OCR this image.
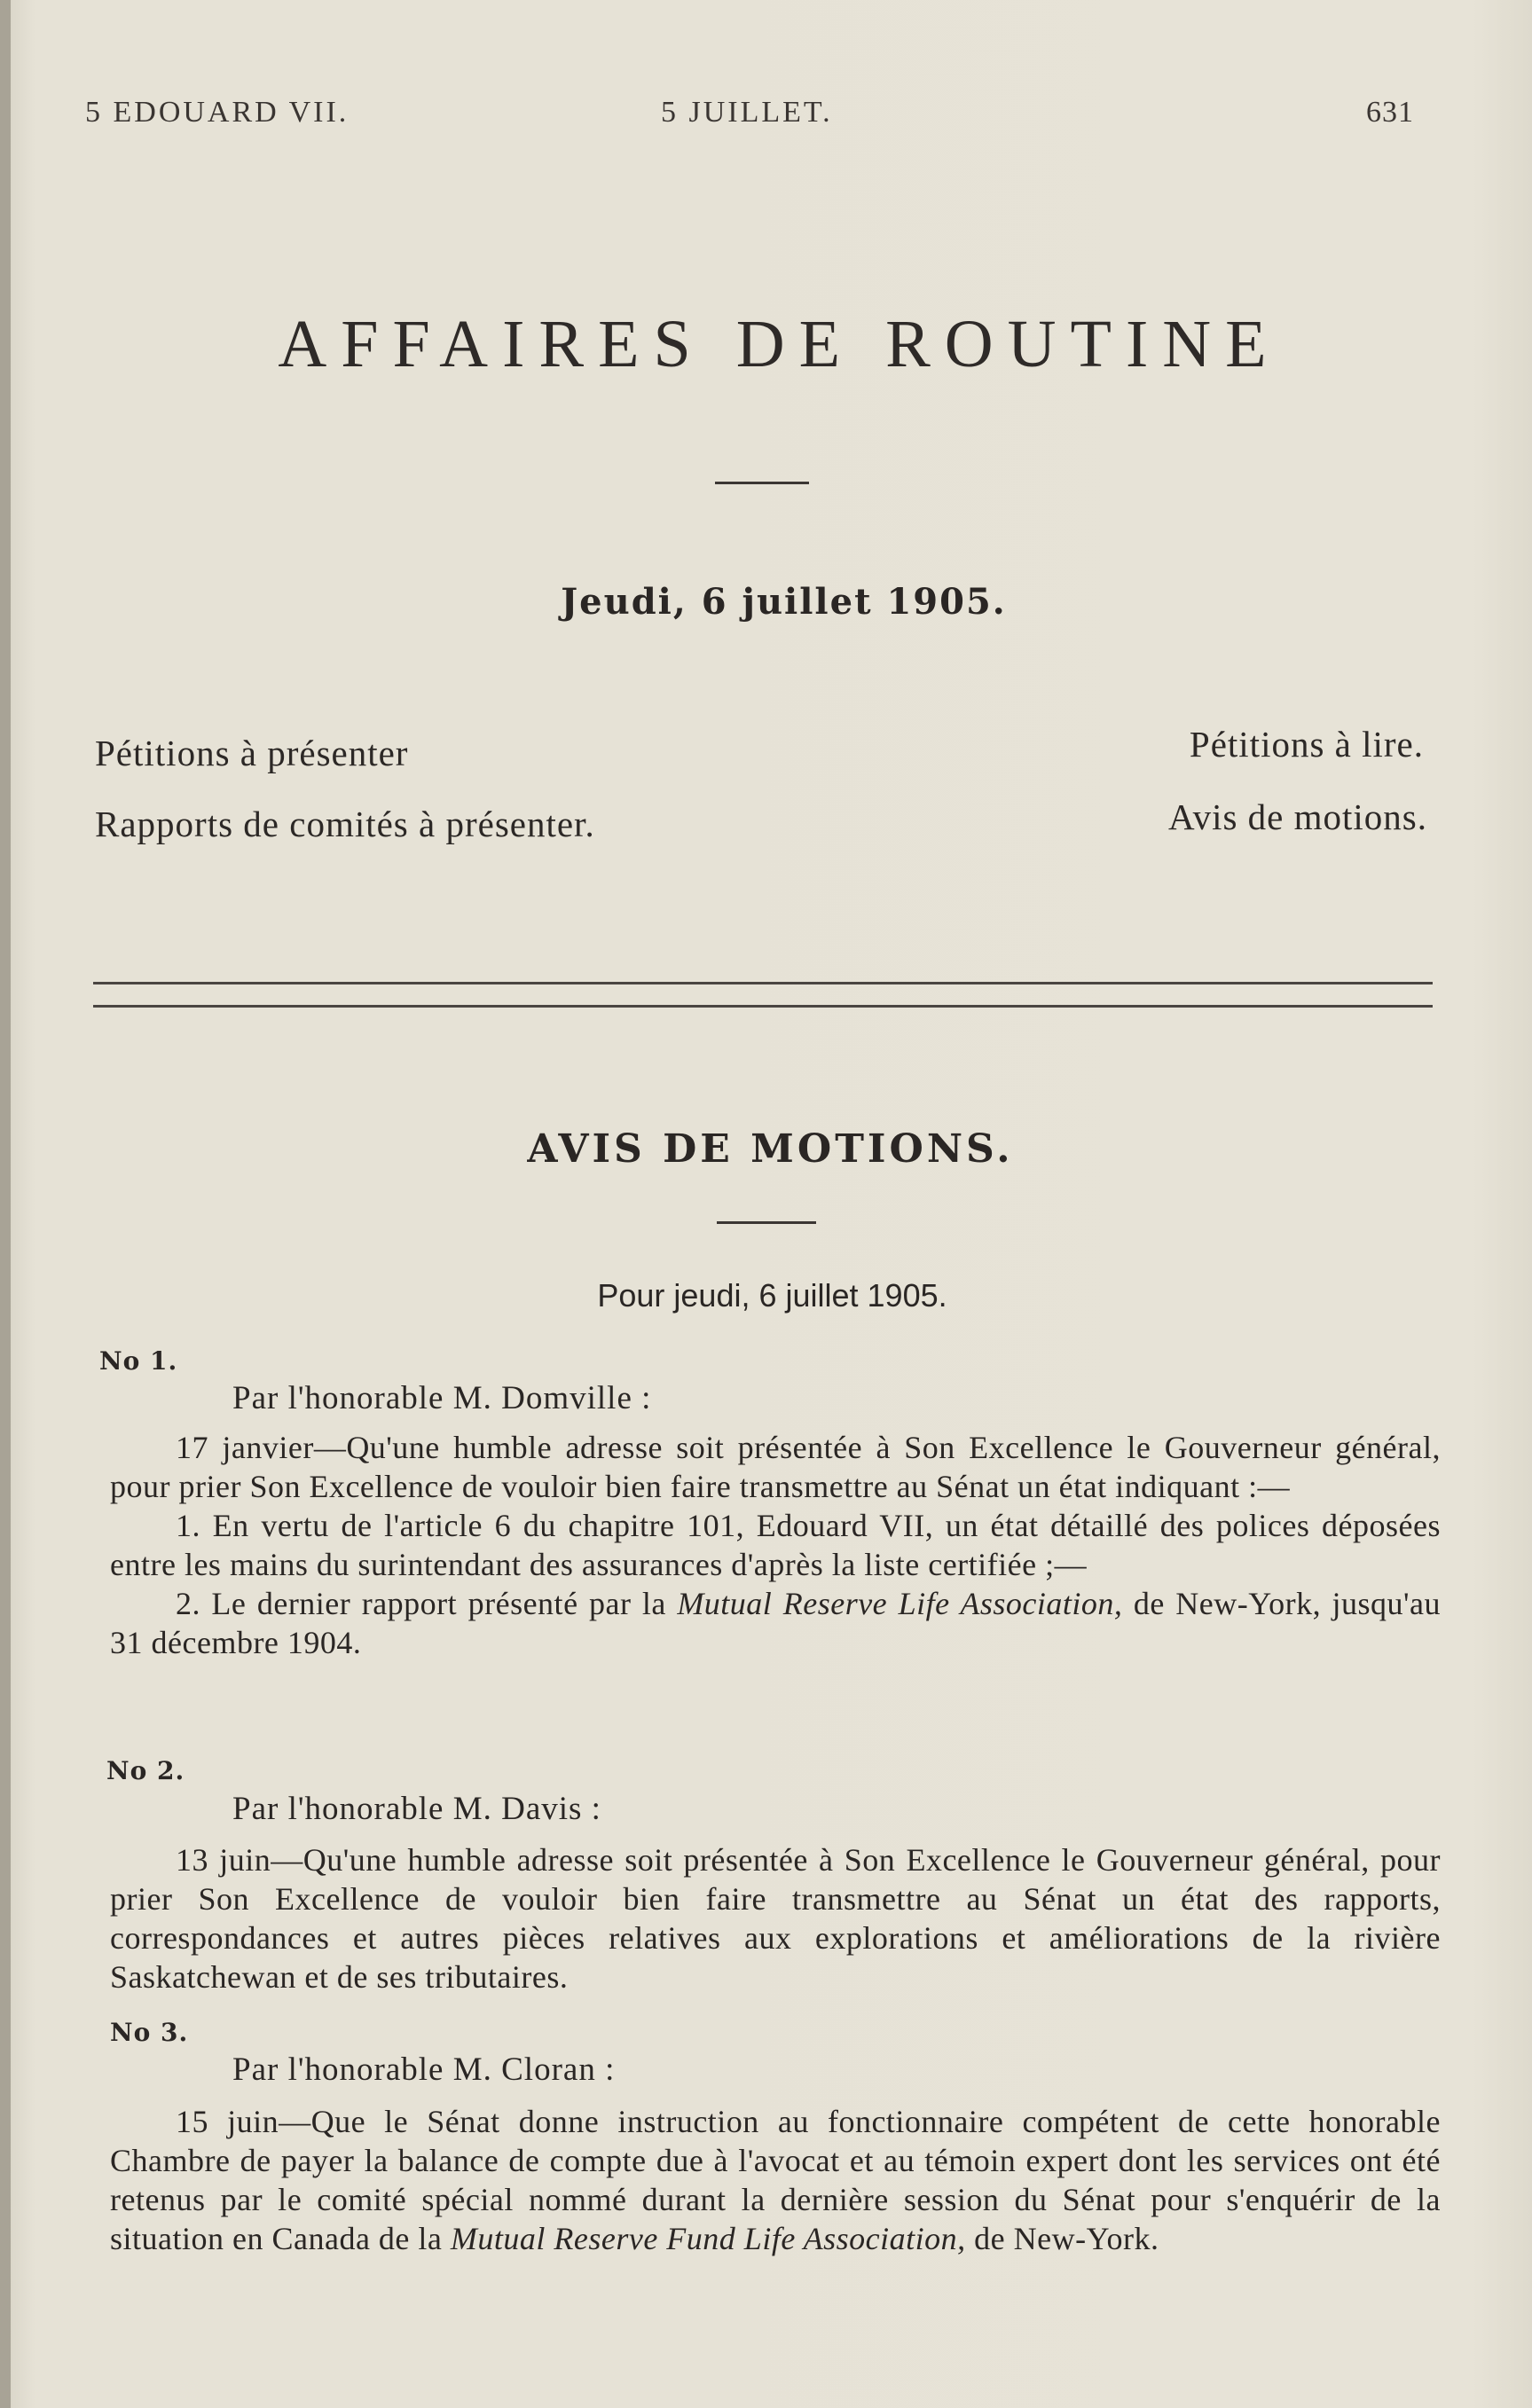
5 EDOUARD VII.	5 JUILLET.	631
AFFAIRES DE ROUTINE
Jeudi, 6 juillet 1905.
Pétitions à présenter
Rapports de comités à présenter.
Pétitions à lire.
Avis de motions.
AVIS DE MOTIONS.
Pour jeudi, 6 juillet 1905.
No 1.
Par l'honorable M. Domville :

17 janvier—Qu'une humble adresse soit présentée à Son Excellence le Gouverneur général, pour prier Son Excellence de vouloir bien faire transmettre au Sénat un état indiquant :—

1. En vertu de l'article 6 du chapitre 101, Edouard VII, un état détaillé des polices déposées entre les mains du surintendant des assurances d'après la liste certifiée ;—

2. Le dernier rapport présenté par la Mutual Reserve Life Association, de New-York, jusqu'au 31 décembre 1904.

No 2.
Par l'honorable M. Davis :

13 juin—Qu'une humble adresse soit présentée à Son Excellence le Gouverneur général, pour prier Son Excellence de vouloir bien faire transmettre au Sénat un état des rapports, correspondances et autres pièces relatives aux explorations et améliorations de la rivière Saskatchewan et de ses tributaires.

No 3.
Par l'honorable M. Cloran :

15 juin—Que le Sénat donne instruction au fonctionnaire compétent de cette honorable Chambre de payer la balance de compte due à l'avocat et au témoin expert dont les services ont été retenus par le comité spécial nommé durant la dernière session du Sénat pour s'enquérir de la situation en Canada de la Mutual Reserve Fund Life Association, de New-York.
